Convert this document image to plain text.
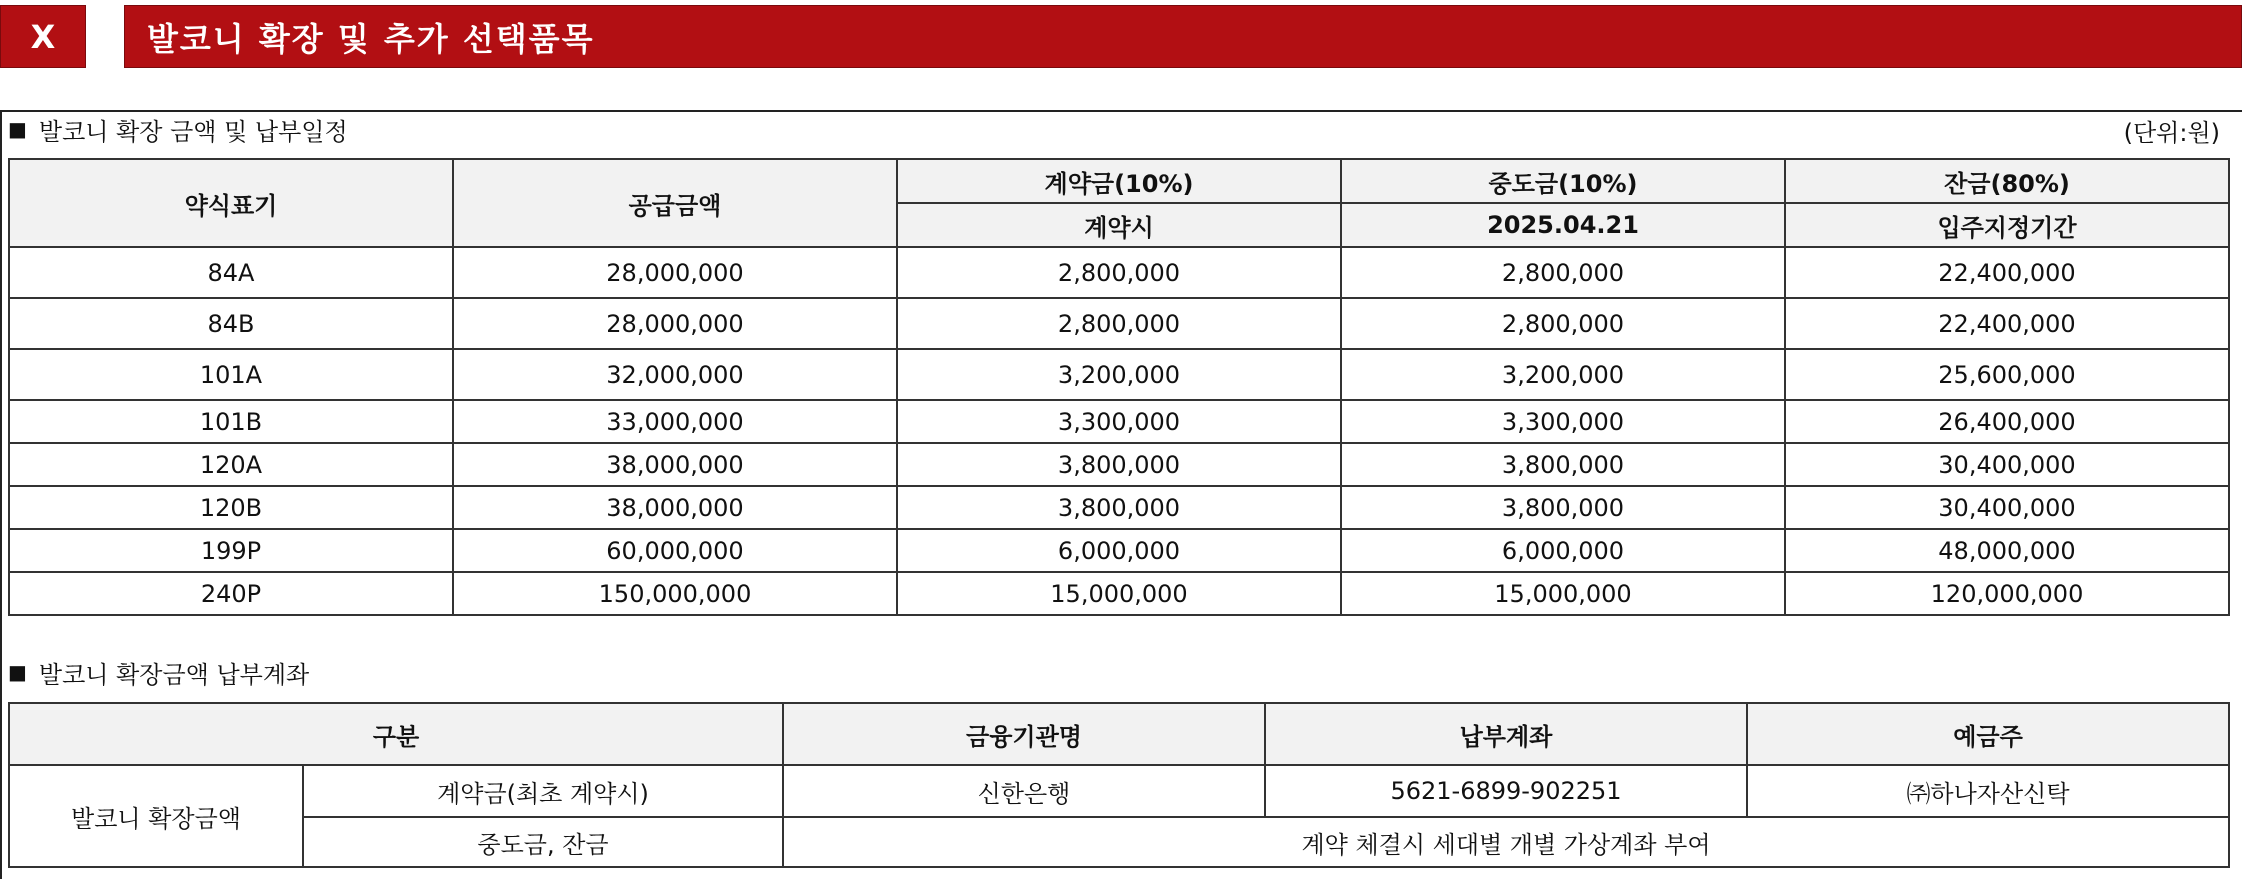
X	발코니 확장 및 추가 선택품목
■ 발코니 확장 금액 및 납부일정	(단위:원)
약식표기	공급금액	계약금(10%)	중도금(10%)	잔금(80%)
		계약시	2025.04.21	입주지정기간
84A	28,000,000	2,800,000	2,800,000	22,400,000
84B	28,000,000	2,800,000	2,800,000	22,400,000
101A	32,000,000	3,200,000	3,200,000	25,600,000
101B	33,000,000	3,300,000	3,300,000	26,400,000
120A	38,000,000	3,800,000	3,800,000	30,400,000
120B	38,000,000	3,800,000	3,800,000	30,400,000
199P	60,000,000	6,000,000	6,000,000	48,000,000
240P	150,000,000	15,000,000	15,000,000	120,000,000
■ 발코니 확장금액 납부계좌
구분		금융기관명	납부계좌	예금주
발코니 확장금액	계약금(최초 계약시)	신한은행	5621-6899-902251	㈜하나자산신탁
	중도금, 잔금	계약 체결시 세대별 개별 가상계좌 부여		
